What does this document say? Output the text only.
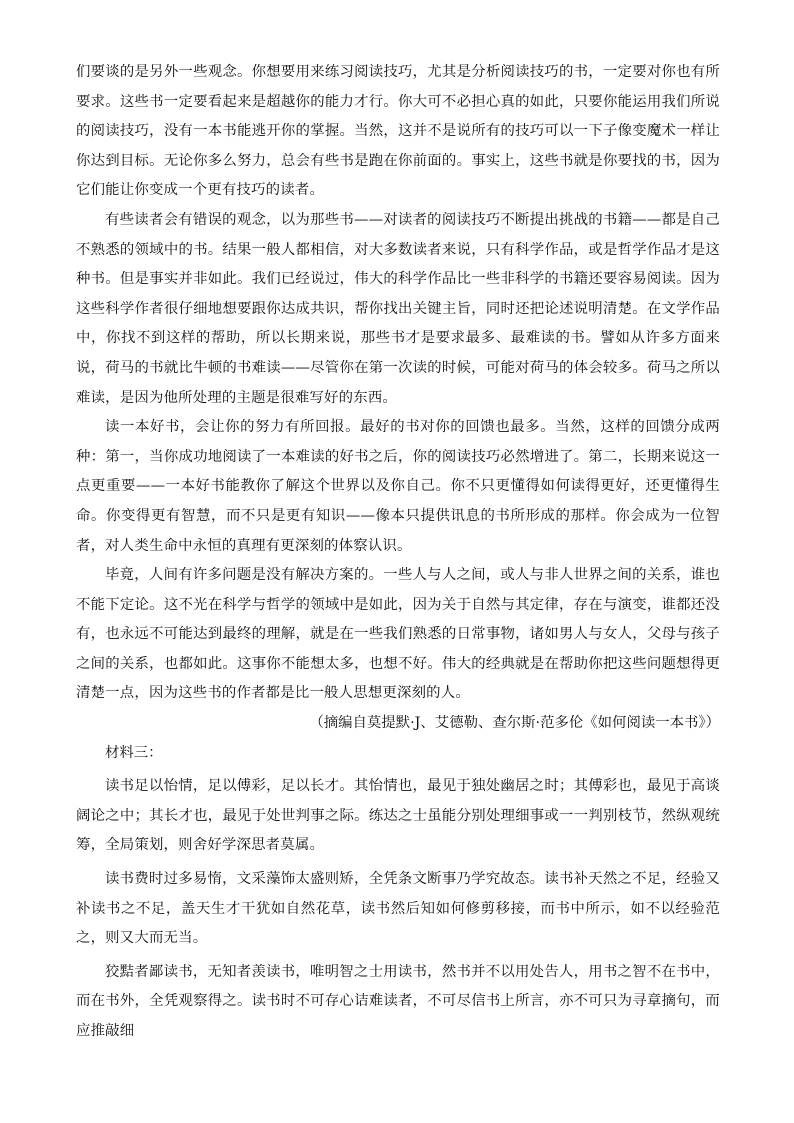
们要谈的是另外一些观念。你想要用来练习阅读技巧，尤其是分析阅读技巧的书，一定要对你也有所要求。这些书一定要看起来是超越你的能力才行。你大可不必担心真的如此，只要你能运用我们所说的阅读技巧，没有一本书能逃开你的掌握。当然，这并不是说所有的技巧可以一下子像变魔术一样让你达到目标。无论你多么努力，总会有些书是跑在你前面的。事实上，这些书就是你要找的书，因为它们能让你变成一个更有技巧的读者。

有些读者会有错误的观念，以为那些书——对读者的阅读技巧不断提出挑战的书籍——都是自己不熟悉的领域中的书。结果一般人都相信，对大多数读者来说，只有科学作品，或是哲学作品才是这种书。但是事实并非如此。我们已经说过，伟大的科学作品比一些非科学的书籍还要容易阅读。因为这些科学作者很仔细地想要跟你达成共识，帮你找出关键主旨，同时还把论述说明清楚。在文学作品中，你找不到这样的帮助，所以长期来说，那些书才是要求最多、最难读的书。譬如从许多方面来说，荷马的书就比牛顿的书难读——尽管你在第一次读的时候，可能对荷马的体会较多。荷马之所以难读，是因为他所处理的主题是很难写好的东西。

读一本好书，会让你的努力有所回报。最好的书对你的回馈也最多。当然，这样的回馈分成两种：第一，当你成功地阅读了一本难读的好书之后，你的阅读技巧必然增进了。第二，长期来说这一点更重要——一本好书能教你了解这个世界以及你自己。你不只更懂得如何读得更好，还更懂得生命。你变得更有智慧，而不只是更有知识——像本只提供讯息的书所形成的那样。你会成为一位智者，对人类生命中永恒的真理有更深刻的体察认识。

毕竟，人间有许多问题是没有解决方案的。一些人与人之间，或人与非人世界之间的关系，谁也不能下定论。这不光在科学与哲学的领域中是如此，因为关于自然与其定律，存在与演变，谁都还没有，也永远不可能达到最终的理解，就是在一些我们熟悉的日常事物，诸如男人与女人，父母与孩子之间的关系，也都如此。这事你不能想太多，也想不好。伟大的经典就是在帮助你把这些问题想得更清楚一点，因为这些书的作者都是比一般人思想更深刻的人。

（摘编自莫提默·J、艾德勒、查尔斯·范多伦《如何阅读一本书》）

材料三：

读书足以怡情，足以傅彩，足以长才。其怡情也，最见于独处幽居之时；其傅彩也，最见于高谈阔论之中；其长才也，最见于处世判事之际。练达之士虽能分别处理细事或一一判别枝节，然纵观统筹，全局策划，则舍好学深思者莫属。

读书费时过多易惰，文采藻饰太盛则矫，全凭条文断事乃学究故态。读书补天然之不足，经验又补读书之不足，盖天生才干犹如自然花草，读书然后知如何修剪移接，而书中所示，如不以经验范之，则又大而无当。

狡黠者鄙读书，无知者羡读书，唯明智之士用读书，然书并不以用处告人，用书之智不在书中，而在书外，全凭观察得之。读书时不可存心诘难读者，不可尽信书上所言，亦不可只为寻章摘句，而应推敲细
